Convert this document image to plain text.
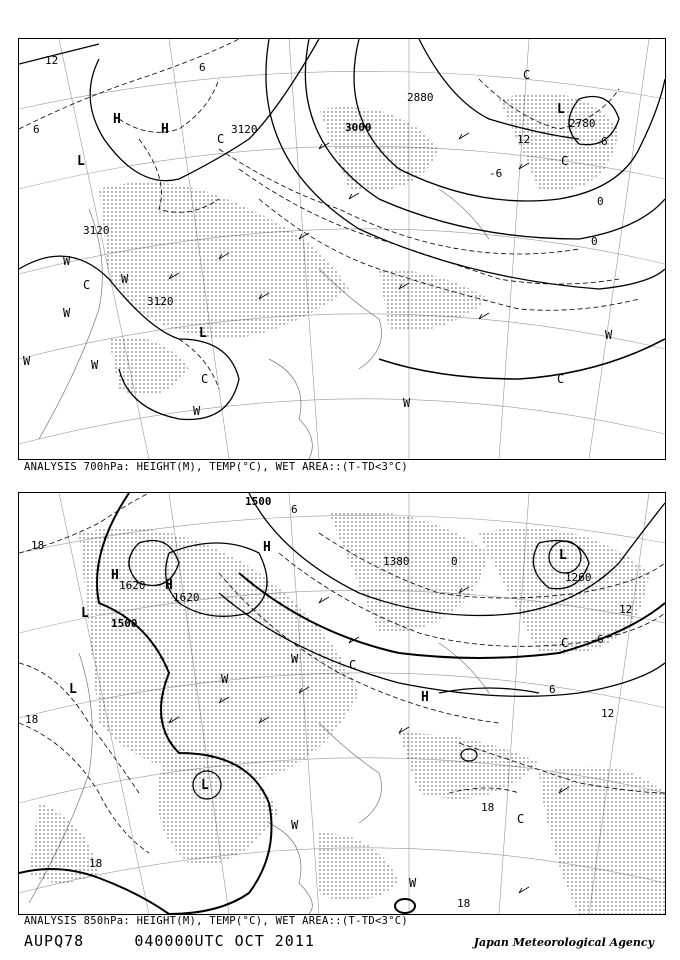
3120
3120
3120
3000
2880
2780
12
6
6
0
-6
12	6
0
H
H
L
L
L
W
W
W
W
W
W
W
W
C
C
C	C
C
C
ANALYSIS 700hPa: HEIGHT(M), TEMP(°C), WET AREA::(T-TD<3°C)
1500
1500
1620
1620
1380
1260
18
18
18
18
18
12
6
0
6
12
6
H
H
H
H
L
L
L
L
W
W
W
W
C
C
C
ANALYSIS 850hPa: HEIGHT(M), TEMP(°C), WET AREA::(T-TD<3°C)
AUPQ78     040000UTC OCT 2011	Japan Meteorological Agency
